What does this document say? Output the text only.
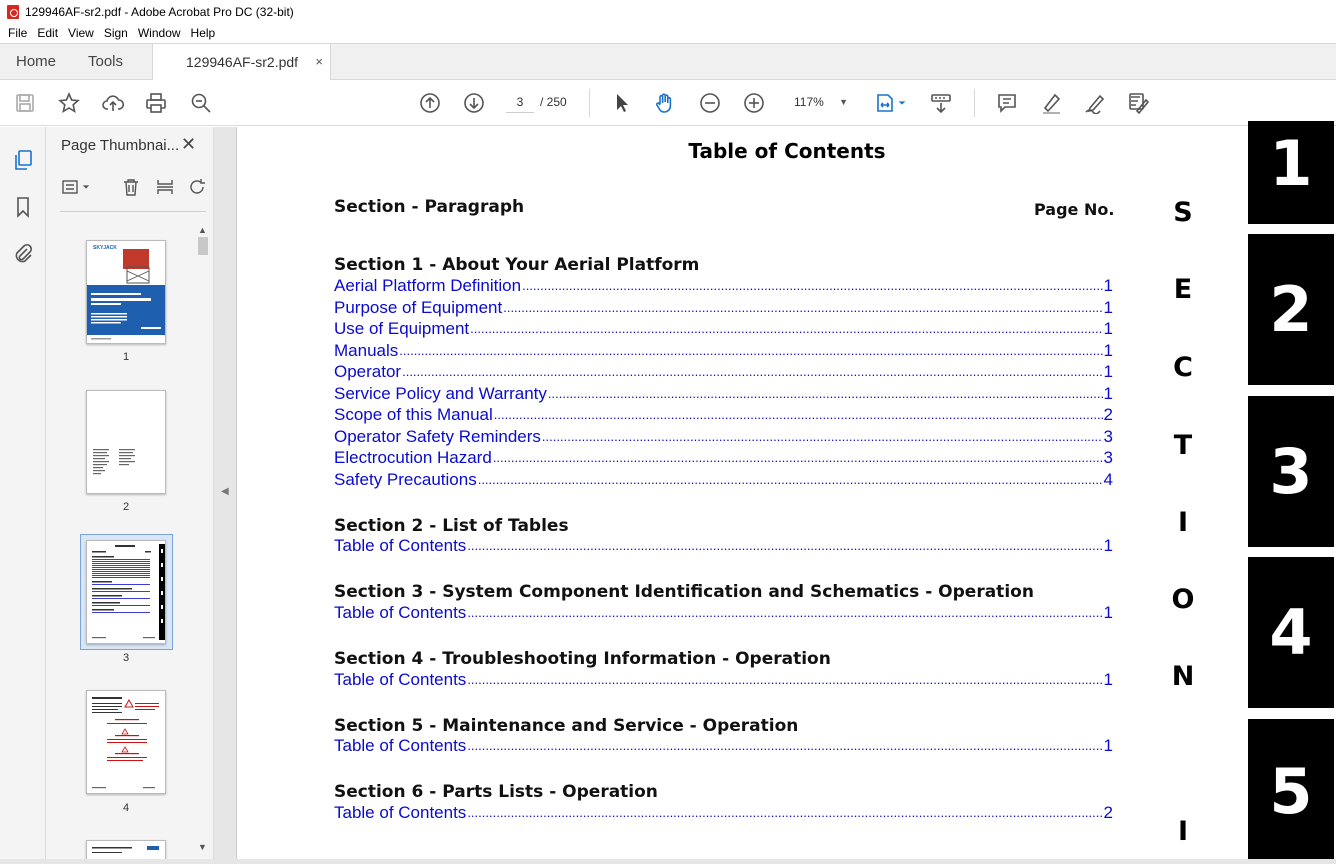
129946AF-sr2.pdf - Adobe Acrobat Pro DC (32-bit)
File Edit View Sign Window Help
Home Tools	129946AF-sr2.pdf ×
3	/ 250	117% ▼
Page Thumbnai... ✕
SKYJACK
1
2
3
4
▲
▼
◀
Table of Contents
Section - Paragraph	Page No.
Section 1 - About Your Aerial Platform
Aerial Platform Definition .....	1
Purpose of Equipment .....	1
Use of Equipment .....	1
Manuals .....	1
Operator .....	1
Service Policy and Warranty .....	1
Scope of this Manual .....	2
Operator Safety Reminders .....	3
Electrocution Hazard .....	3
Safety Precautions .....	4
Section 2 - List of Tables
Table of Contents .....	1
Section 3 - System Component Identification and Schematics - Operation
Table of Contents .....	1
Section 4 - Troubleshooting Information - Operation
Table of Contents .....	1
Section 5 - Maintenance and Service - Operation
Table of Contents .....	1
Section 6 - Parts Lists - Operation
Table of Contents .....	2
S
E
C
T
I
O
N
I
1
2
3
4
5
